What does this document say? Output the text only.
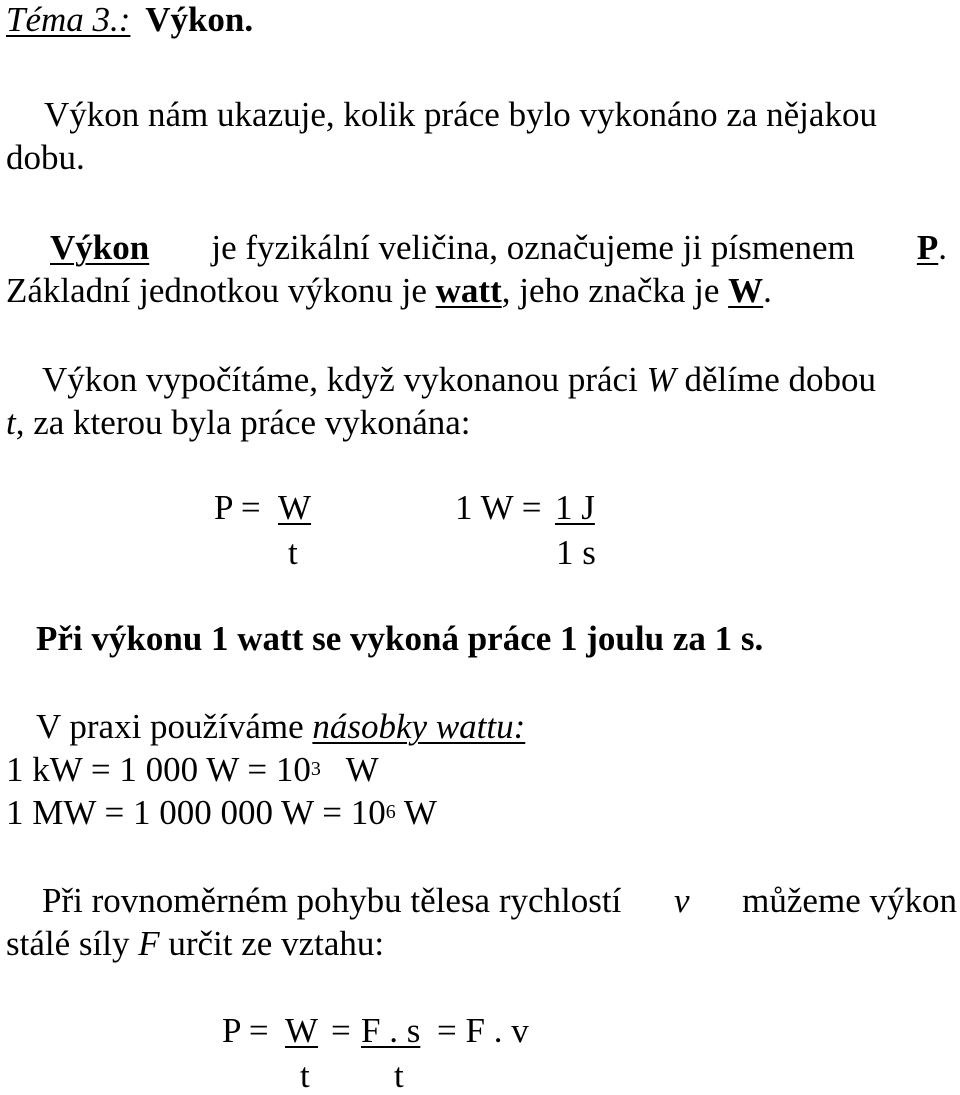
Téma 3.: Výkon.
Výkon nám ukazuje, kolik práce bylo vykonáno za nějakou
dobu.
Výkon je fyzikální veličina, označujeme ji písmenem P.
Základní jednotkou výkonu je watt, jeho značka je W.
Výkon vypočítáme, když vykonanou práci W dělíme dobou
t, za kterou byla práce vykonána:
P = W
t
1 W = 1 J
1 s
Při výkonu 1 watt se vykoná práce 1 joulu za 1 s.
V praxi používáme násobky wattu:
1 kW = 1 000 $W = 10^3$ W
1 MW = 1 000 000 $W = 10^6$ W
Při rovnoměrném pohybu tělesa rychlostí v můžeme výkon
stálé síly F určit ze vztahu:
P = W = F . s = F . v
t t
